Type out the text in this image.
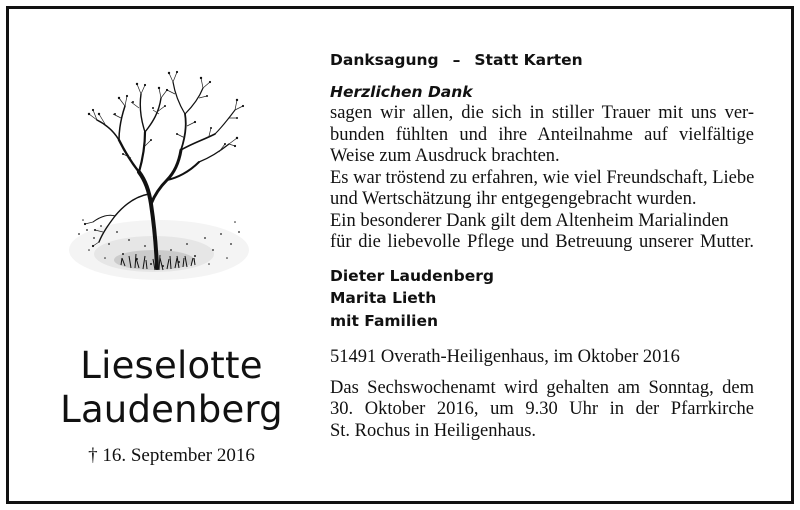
Lieselotte
Laudenberg
† 16. September 2016
Danksagung – Statt Karten
Herzlichen Dank
sagen wir allen, die sich in stiller Trauer mit uns ver-
bunden fühlten und ihre Anteilnahme auf vielfältige
Weise zum Ausdruck brachten.
Es war tröstend zu erfahren, wie viel Freundschaft, Liebe
und Wertschätzung ihr entgegengebracht wurden.
Ein besonderer Dank gilt dem Altenheim Marialinden
für die liebevolle Pflege und Betreuung unserer Mutter.
Dieter Laudenberg
Marita Lieth
mit Familien
51491 Overath-Heiligenhaus, im Oktober 2016
Das Sechswochenamt wird gehalten am Sonntag, dem
30. Oktober 2016, um 9.30 Uhr in der Pfarrkirche
St. Rochus in Heiligenhaus.
